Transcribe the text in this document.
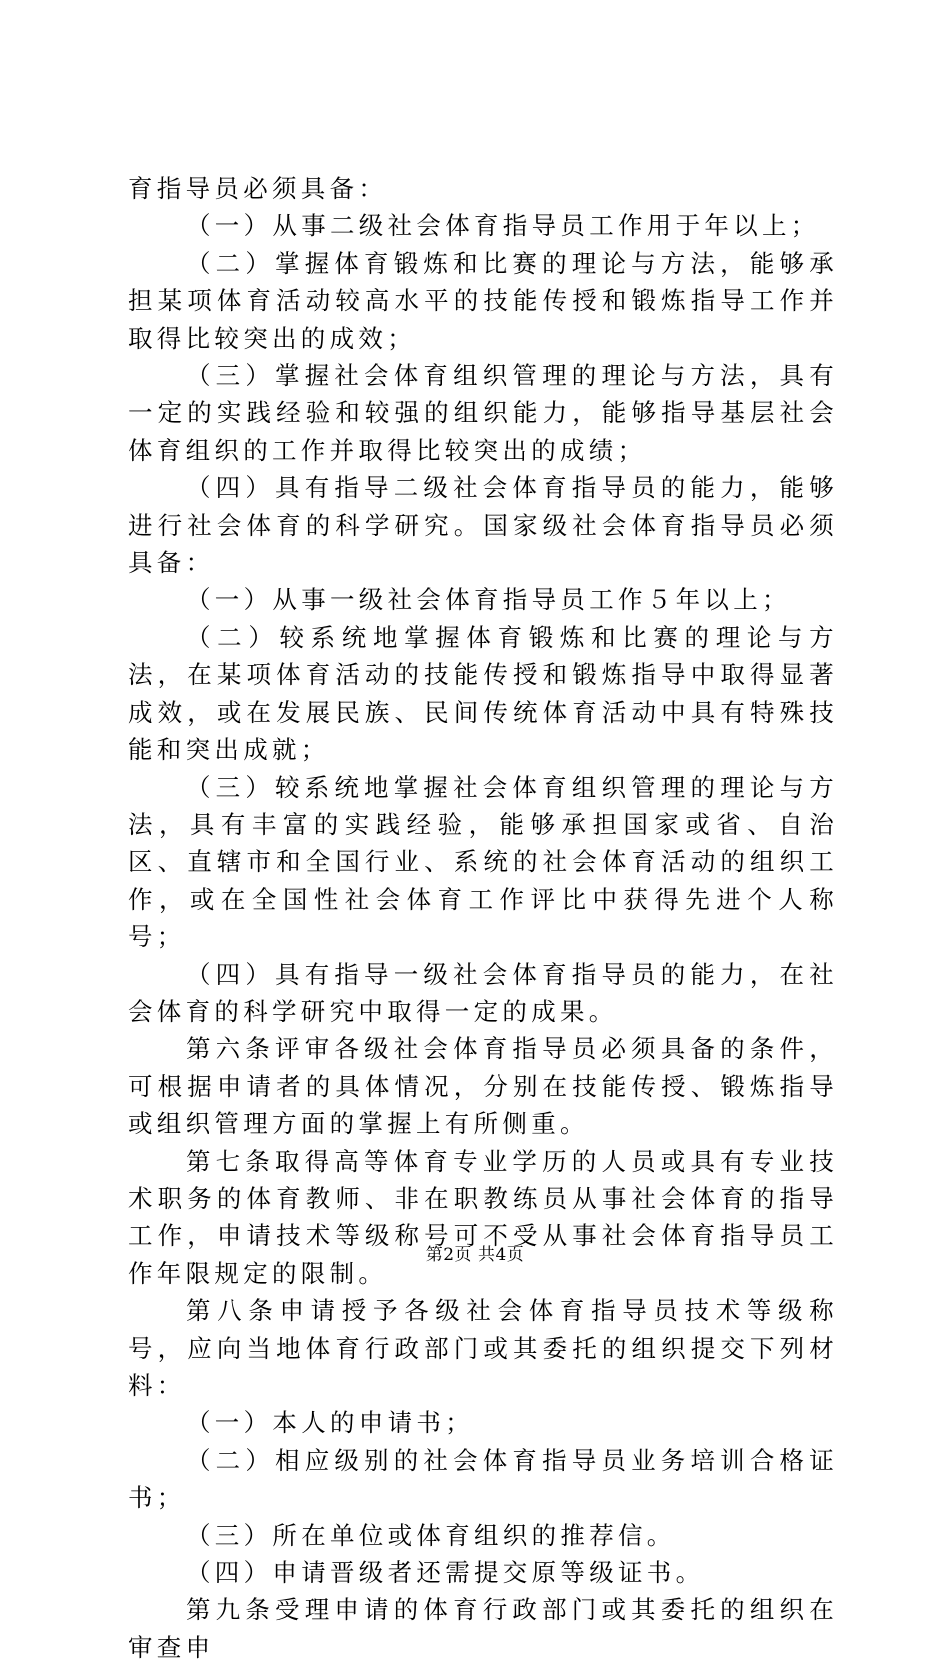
育指导员必须具备：

（一）从事二级社会体育指导员工作用于年以上；

（二）掌握体育锻炼和比赛的理论与方法，能够承担某项体育活动较高水平的技能传授和锻炼指导工作并取得比较突出的成效；

（三）掌握社会体育组织管理的理论与方法，具有一定的实践经验和较强的组织能力，能够指导基层社会体育组织的工作并取得比较突出的成绩；

（四）具有指导二级社会体育指导员的能力，能够进行社会体育的科学研究。国家级社会体育指导员必须具备：

（一）从事一级社会体育指导员工作５年以上；

（二）较系统地掌握体育锻炼和比赛的理论与方法，在某项体育活动的技能传授和锻炼指导中取得显著成效，或在发展民族、民间传统体育活动中具有特殊技能和突出成就；

（三）较系统地掌握社会体育组织管理的理论与方法，具有丰富的实践经验，能够承担国家或省、自治区、直辖市和全国行业、系统的社会体育活动的组织工作，或在全国性社会体育工作评比中获得先进个人称号；

（四）具有指导一级社会体育指导员的能力，在社会体育的科学研究中取得一定的成果。

第六条评审各级社会体育指导员必须具备的条件，可根据申请者的具体情况，分别在技能传授、锻炼指导或组织管理方面的掌握上有所侧重。

第七条取得高等体育专业学历的人员或具有专业技术职务的体育教师、非在职教练员从事社会体育的指导工作，申请技术等级称号可不受从事社会体育指导员工作年限规定的限制。

第八条申请授予各级社会体育指导员技术等级称号，应向当地体育行政部门或其委托的组织提交下列材料：

（一）本人的申请书；

（二）相应级别的社会体育指导员业务培训合格证书；

（三）所在单位或体育组织的推荐信。

（四）申请晋级者还需提交原等级证书。

第九条受理申请的体育行政部门或其委托的组织在审查申

第2页 共4页
